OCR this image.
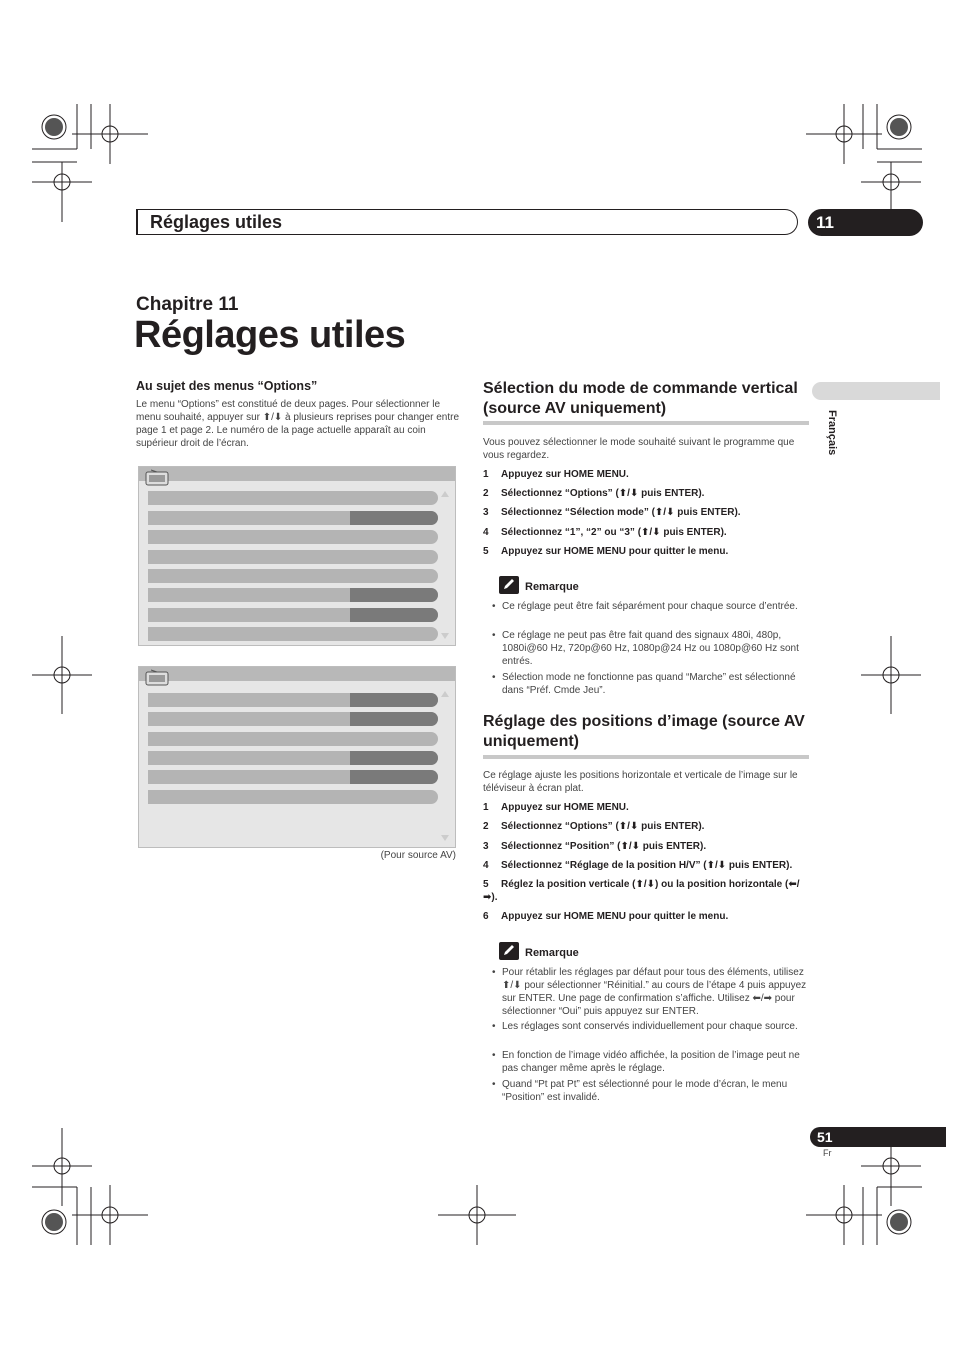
Réglages utiles	11
Chapitre 11
Réglages utiles
Français
Au sujet des menus “Options”
Le menu “Options” est constitué de deux pages. Pour sélectionner le menu souhaité, appuyer sur ⬆/⬇ à plusieurs reprises pour changer entre page 1 et page 2. Le numéro de la page actuelle apparaît au coin supérieur droit de l’écran.
(Pour source AV)
Sélection du mode de commande vertical (source AV uniquement)
Vous pouvez sélectionner le mode souhaité suivant le programme que vous regardez.
1 Appuyez sur HOME MENU.
2 Sélectionnez “Options” (⬆/⬇ puis ENTER).
3 Sélectionnez “Sélection mode” (⬆/⬇ puis ENTER).
4 Sélectionnez “1”, “2” ou “3” (⬆/⬇ puis ENTER).
5 Appuyez sur HOME MENU pour quitter le menu.
Remarque
• Ce réglage peut être fait séparément pour chaque source d’entrée.
• Ce réglage ne peut pas être fait quand des signaux 480i, 480p, 1080i@60 Hz, 720p@60 Hz, 1080p@24 Hz ou 1080p@60 Hz sont entrés.
• Sélection mode ne fonctionne pas quand “Marche” est sélectionné dans “Préf. Cmde Jeu”.
Réglage des positions d’image (source AV uniquement)
Ce réglage ajuste les positions horizontale et verticale de l’image sur le téléviseur à écran plat.
1 Appuyez sur HOME MENU.
2 Sélectionnez “Options” (⬆/⬇ puis ENTER).
3 Sélectionnez “Position” (⬆/⬇ puis ENTER).
4 Sélectionnez “Réglage de la position H/V” (⬆/⬇ puis ENTER).
5 Réglez la position verticale (⬆/⬇) ou la position horizontale (⬅/➡).
6 Appuyez sur HOME MENU pour quitter le menu.
Remarque
• Pour rétablir les réglages par défaut pour tous des éléments, utilisez ⬆/⬇ pour sélectionner “Réinitial.” au cours de l’étape 4 puis appuyez sur ENTER. Une page de confirmation s’affiche. Utilisez ⬅/➡ pour sélectionner “Oui” puis appuyez sur ENTER.
• Les réglages sont conservés individuellement pour chaque source.
• En fonction de l’image vidéo affichée, la position de l’image peut ne pas changer même après le réglage.
• Quand “Pt pat Pt” est sélectionné pour le mode d’écran, le menu “Position” est invalidé.
51
Fr
